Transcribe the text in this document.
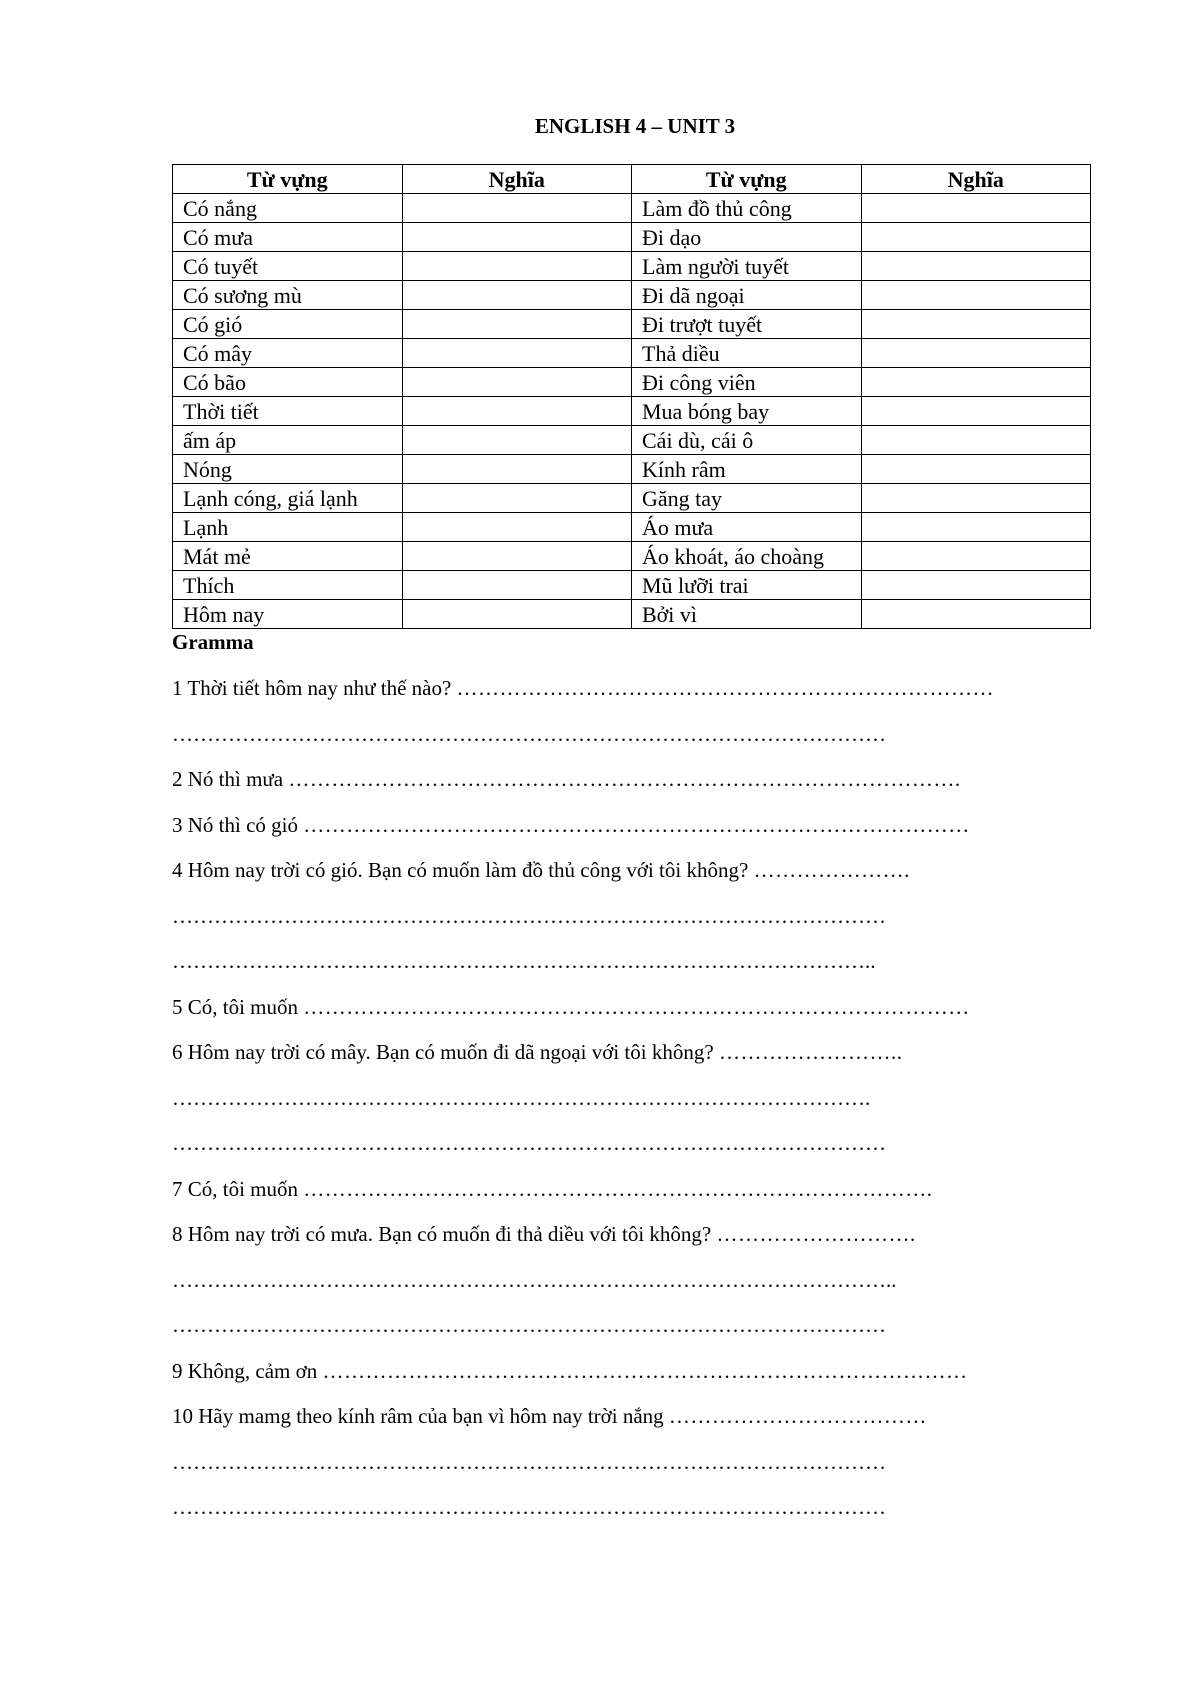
ENGLISH 4 – UNIT 3
Từ vựng	Nghĩa	Từ vựng	Nghĩa
Có nắng		Làm đồ thủ công	
Có mưa		Đi dạo	
Có tuyết		Làm người tuyết	
Có sương mù		Đi dã ngoại	
Có gió		Đi trượt tuyết	
Có mây		Thả diều	
Có bão		Đi công viên	
Thời tiết		Mua bóng bay	
ấm áp		Cái dù, cái ô	
Nóng		Kính râm	
Lạnh cóng, giá lạnh		Găng tay	
Lạnh		Áo mưa	
Mát mẻ		Áo khoát, áo choàng	
Thích		Mũ lưỡi trai	
Hôm nay		Bởi vì	
Gramma
1 Thời tiết hôm nay như thế nào? …………………………………………………………………
…………………………………………………………………………………………
2 Nó thì mưa ………………………………………………………………………………….
3 Nó thì có gió …………………………………………………………………………………
4 Hôm nay trời có gió. Bạn có muốn làm đồ thủ công với tôi không? ………………….
…………………………………………………………………………………………
………………………………………………………………………………………..
5 Có, tôi muốn …………………………………………………………………………………
6 Hôm nay trời có mây. Bạn có muốn đi dã ngoại với tôi không? ……………………..
……………………………………………………………………………………….
…………………………………………………………………………………………
7 Có, tôi muốn …………………………………………………………………………….
8 Hôm nay trời có mưa. Bạn có muốn đi thả diều với tôi không? ……………………….
…………………………………………………………………………………………..
…………………………………………………………………………………………
9 Không, cảm ơn ………………………………………………………………………………
10 Hãy mamg theo kính râm của bạn vì hôm nay trời nắng ………………………………
…………………………………………………………………………………………
…………………………………………………………………………………………
